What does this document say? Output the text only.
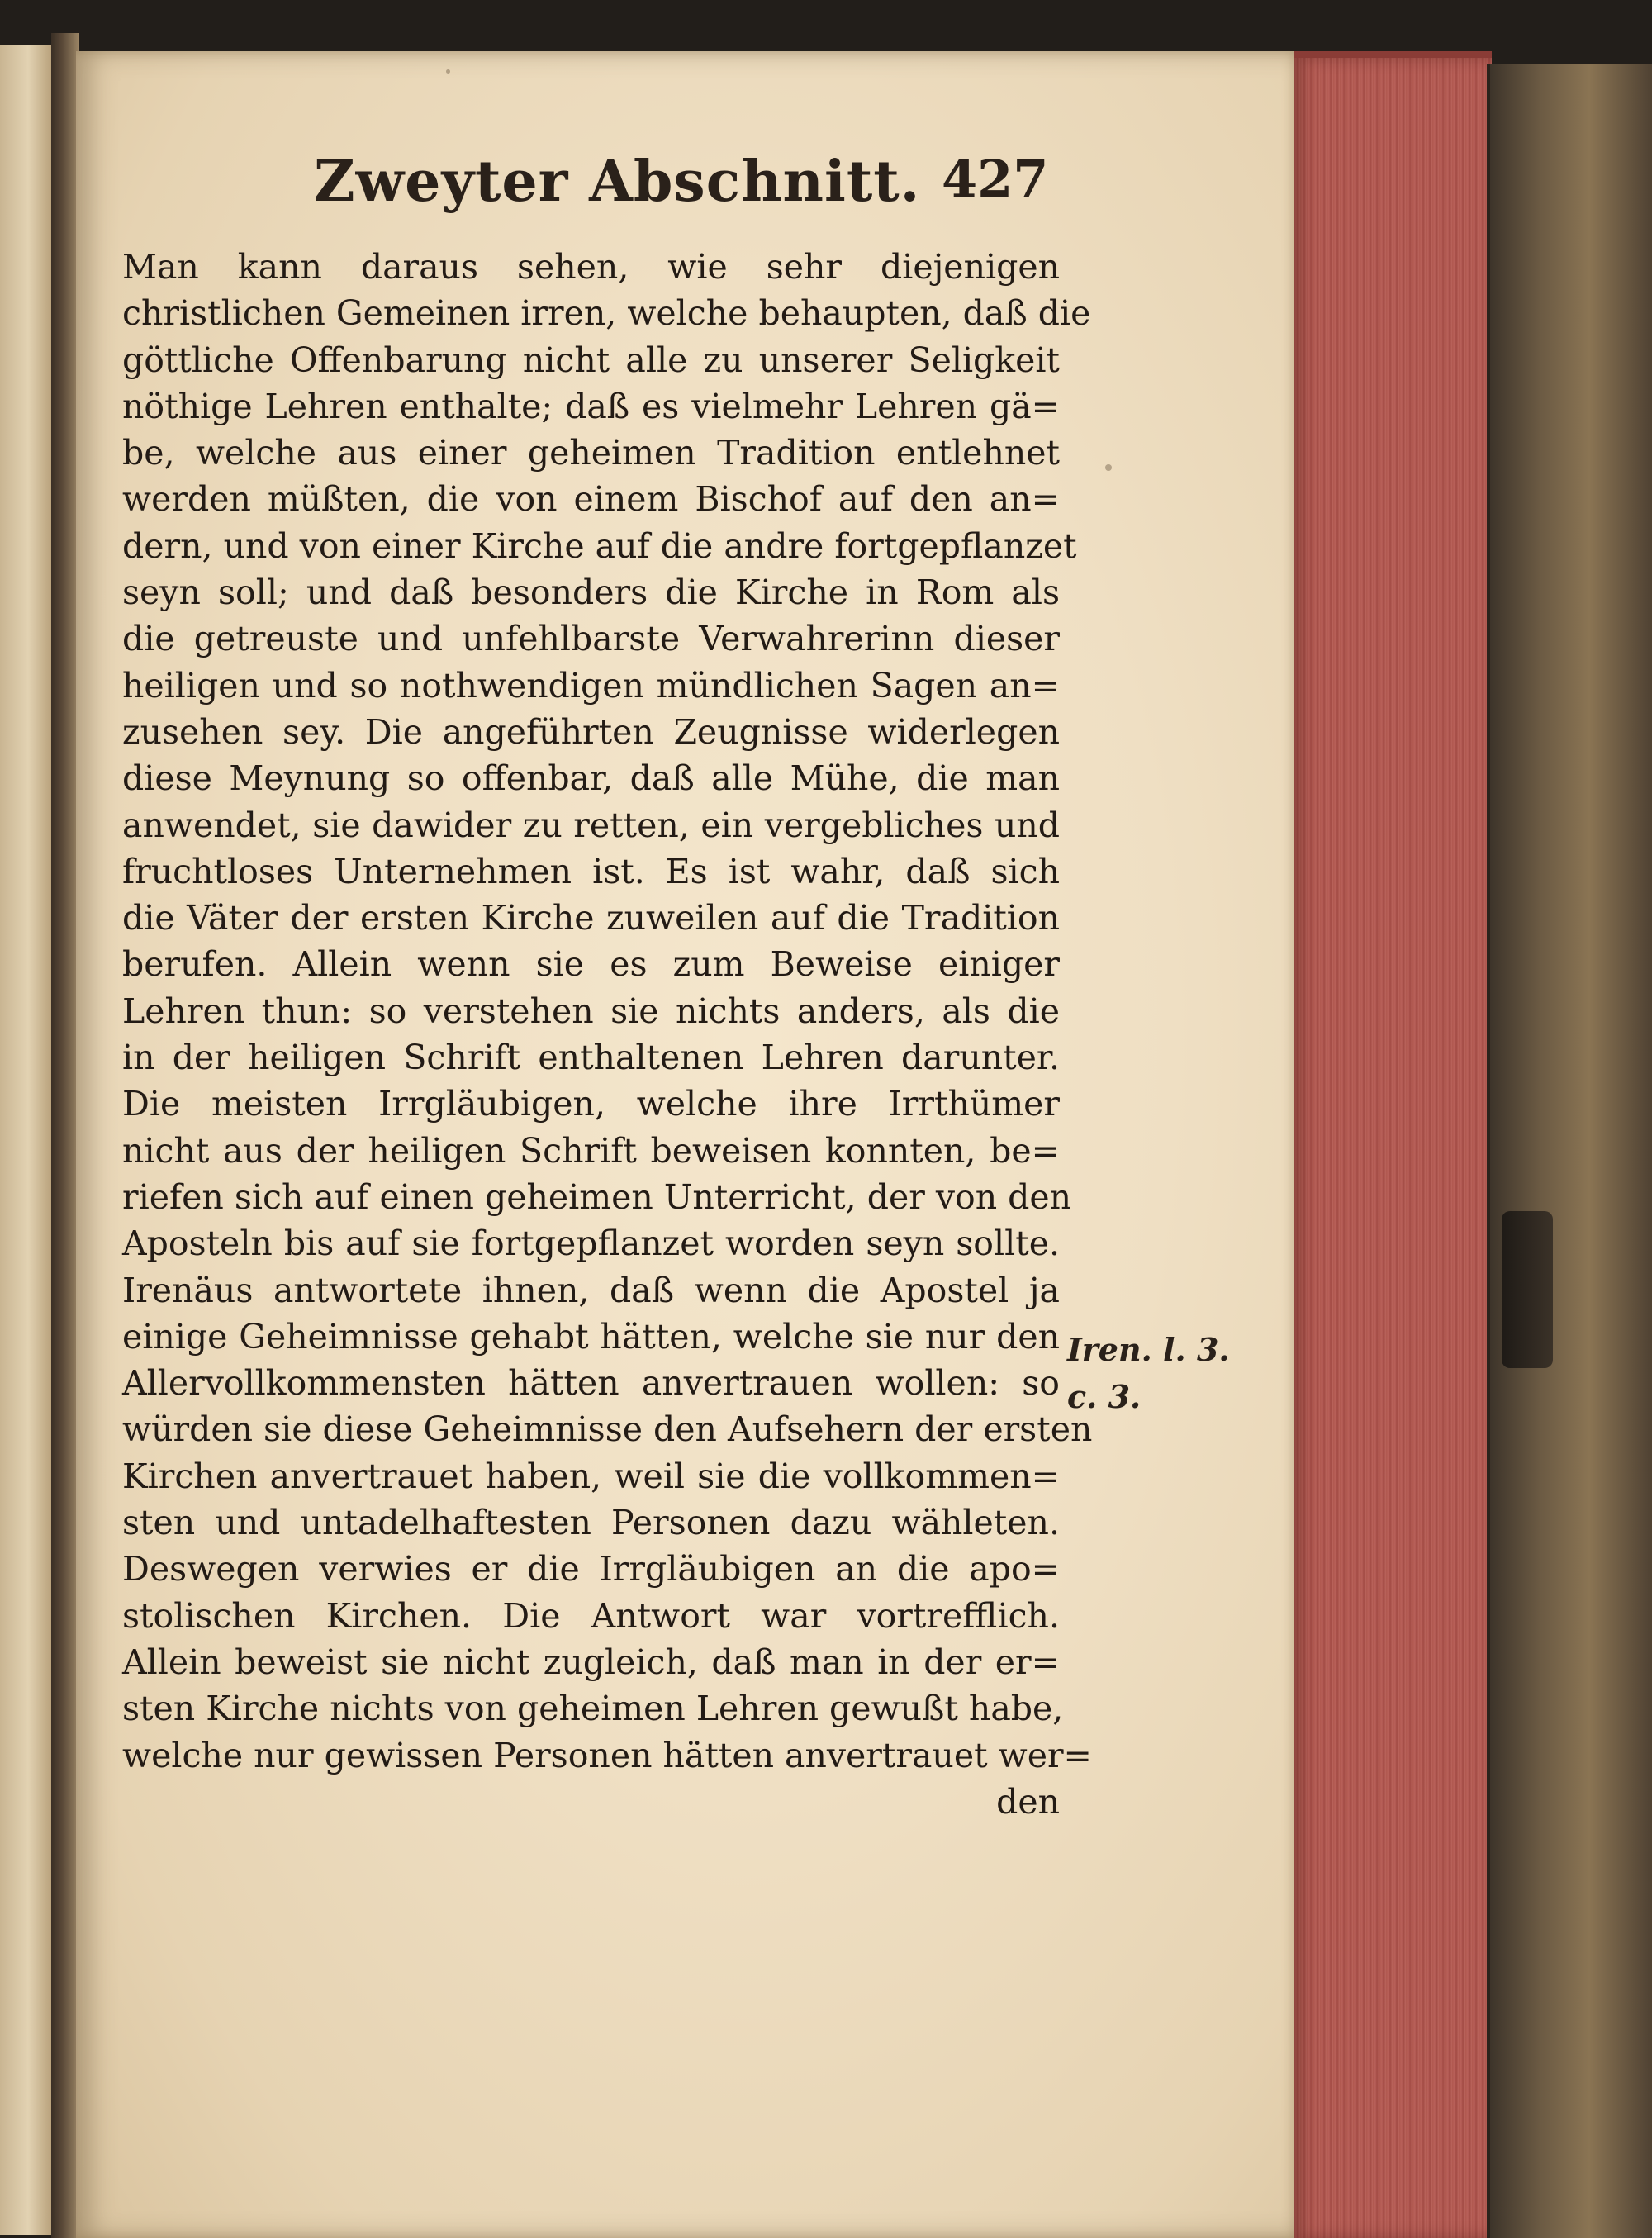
Zweyter Abschnitt. 427
Man kann daraus sehen, wie sehr diejenigen
christlichen Gemeinen irren, welche behaupten, daß die
göttliche Offenbarung nicht alle zu unserer Seligkeit
nöthige Lehren enthalte; daß es vielmehr Lehren gä=
be, welche aus einer geheimen Tradition entlehnet
werden müßten, die von einem Bischof auf den an=
dern, und von einer Kirche auf die andre fortgepflanzet
seyn soll; und daß besonders die Kirche in Rom als
die getreuste und unfehlbarste Verwahrerinn dieser
heiligen und so nothwendigen mündlichen Sagen an=
zusehen sey. Die angeführten Zeugnisse widerlegen
diese Meynung so offenbar, daß alle Mühe, die man
anwendet, sie dawider zu retten, ein vergebliches und
fruchtloses Unternehmen ist. Es ist wahr, daß sich
die Väter der ersten Kirche zuweilen auf die Tradition
berufen. Allein wenn sie es zum Beweise einiger
Lehren thun: so verstehen sie nichts anders, als die
in der heiligen Schrift enthaltenen Lehren darunter.
Die meisten Irrgläubigen, welche ihre Irrthümer
nicht aus der heiligen Schrift beweisen konnten, be=
riefen sich auf einen geheimen Unterricht, der von den
Aposteln bis auf sie fortgepflanzet worden seyn sollte.
Irenäus antwortete ihnen, daß wenn die Apostel ja
einige Geheimnisse gehabt hätten, welche sie nur den
Allervollkommensten hätten anvertrauen wollen: so
würden sie diese Geheimnisse den Aufsehern der ersten
Kirchen anvertrauet haben, weil sie die vollkommen=
sten und untadelhaftesten Personen dazu wähleten.
Deswegen verwies er die Irrgläubigen an die apo=
stolischen Kirchen. Die Antwort war vortrefflich.
Allein beweist sie nicht zugleich, daß man in der er=
sten Kirche nichts von geheimen Lehren gewußt habe,
welche nur gewissen Personen hätten anvertrauet wer=
den
Iren. l. 3.
c. 3.
